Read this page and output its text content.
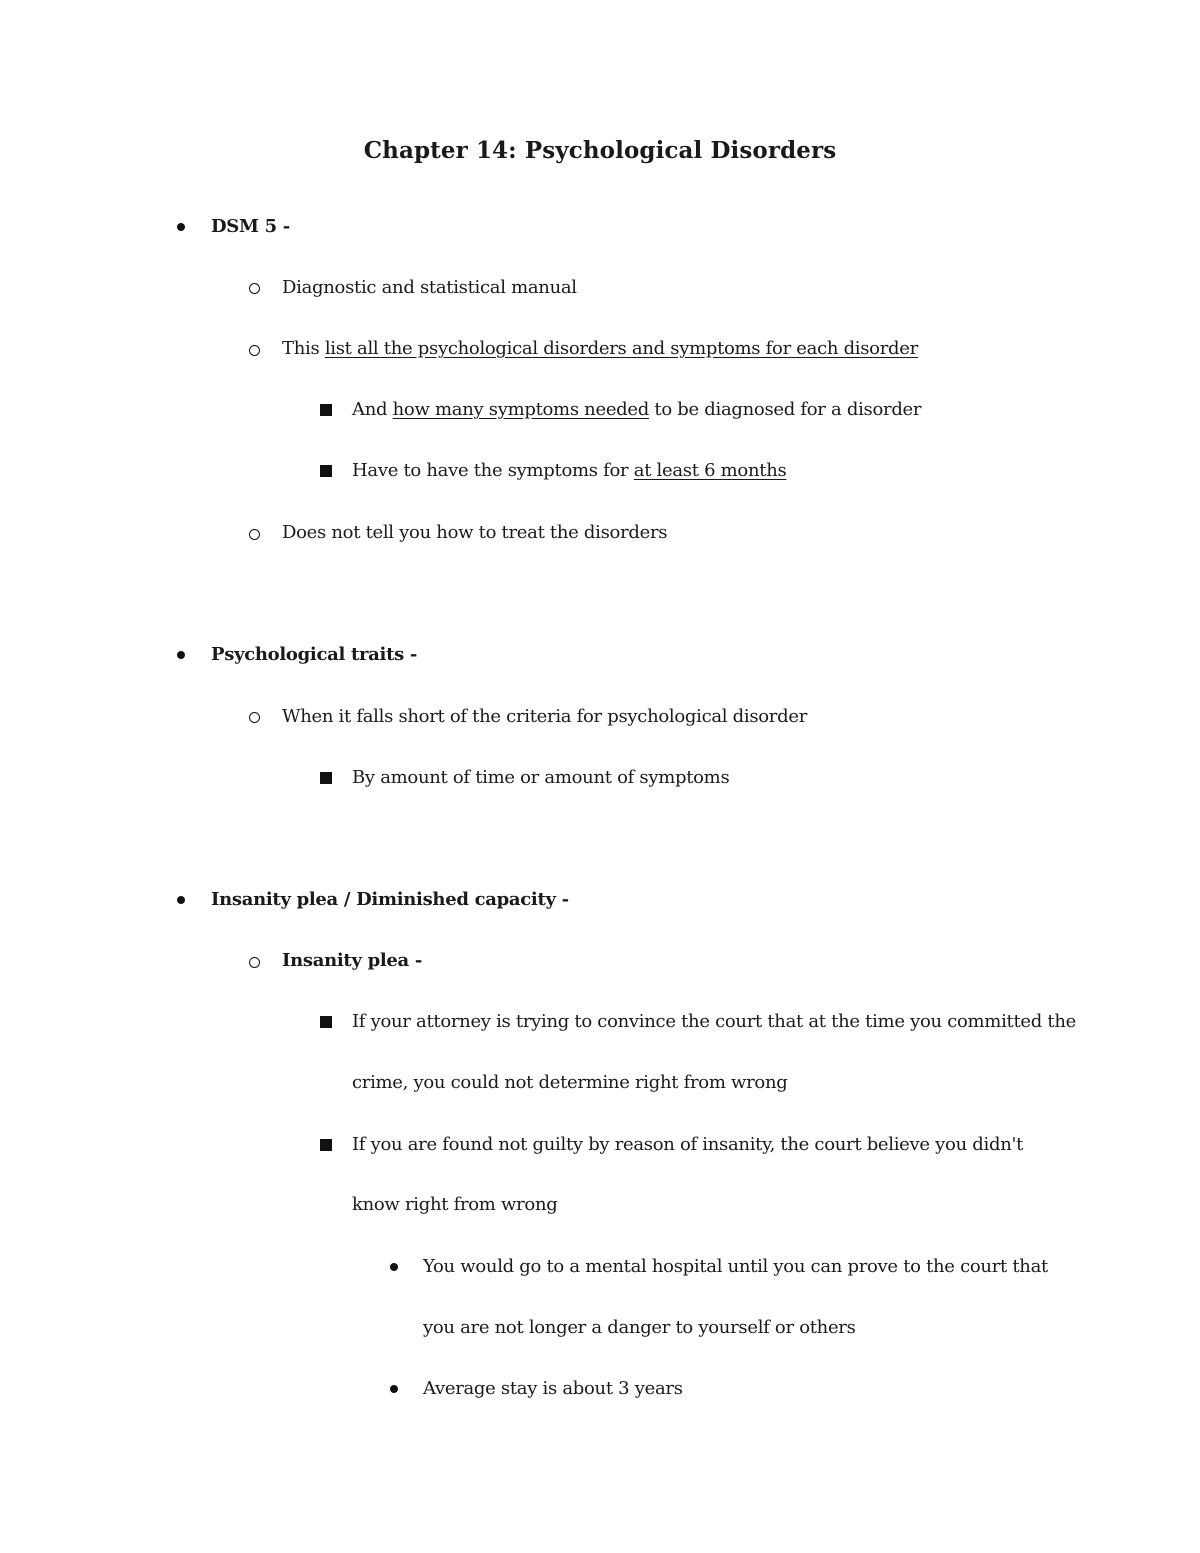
Chapter 14: Psychological Disorders
DSM 5 -
Diagnostic and statistical manual
This list all the psychological disorders and symptoms for each disorder
And how many symptoms needed to be diagnosed for a disorder
Have to have the symptoms for at least 6 months
Does not tell you how to treat the disorders
Psychological traits -
When it falls short of the criteria for psychological disorder
By amount of time or amount of symptoms
Insanity plea / Diminished capacity -
Insanity plea -
If your attorney is trying to convince the court that at the time you committed the
crime, you could not determine right from wrong
If you are found not guilty by reason of insanity, the court believe you didn't
know right from wrong
You would go to a mental hospital until you can prove to the court that
you are not longer a danger to yourself or others
Average stay is about 3 years
